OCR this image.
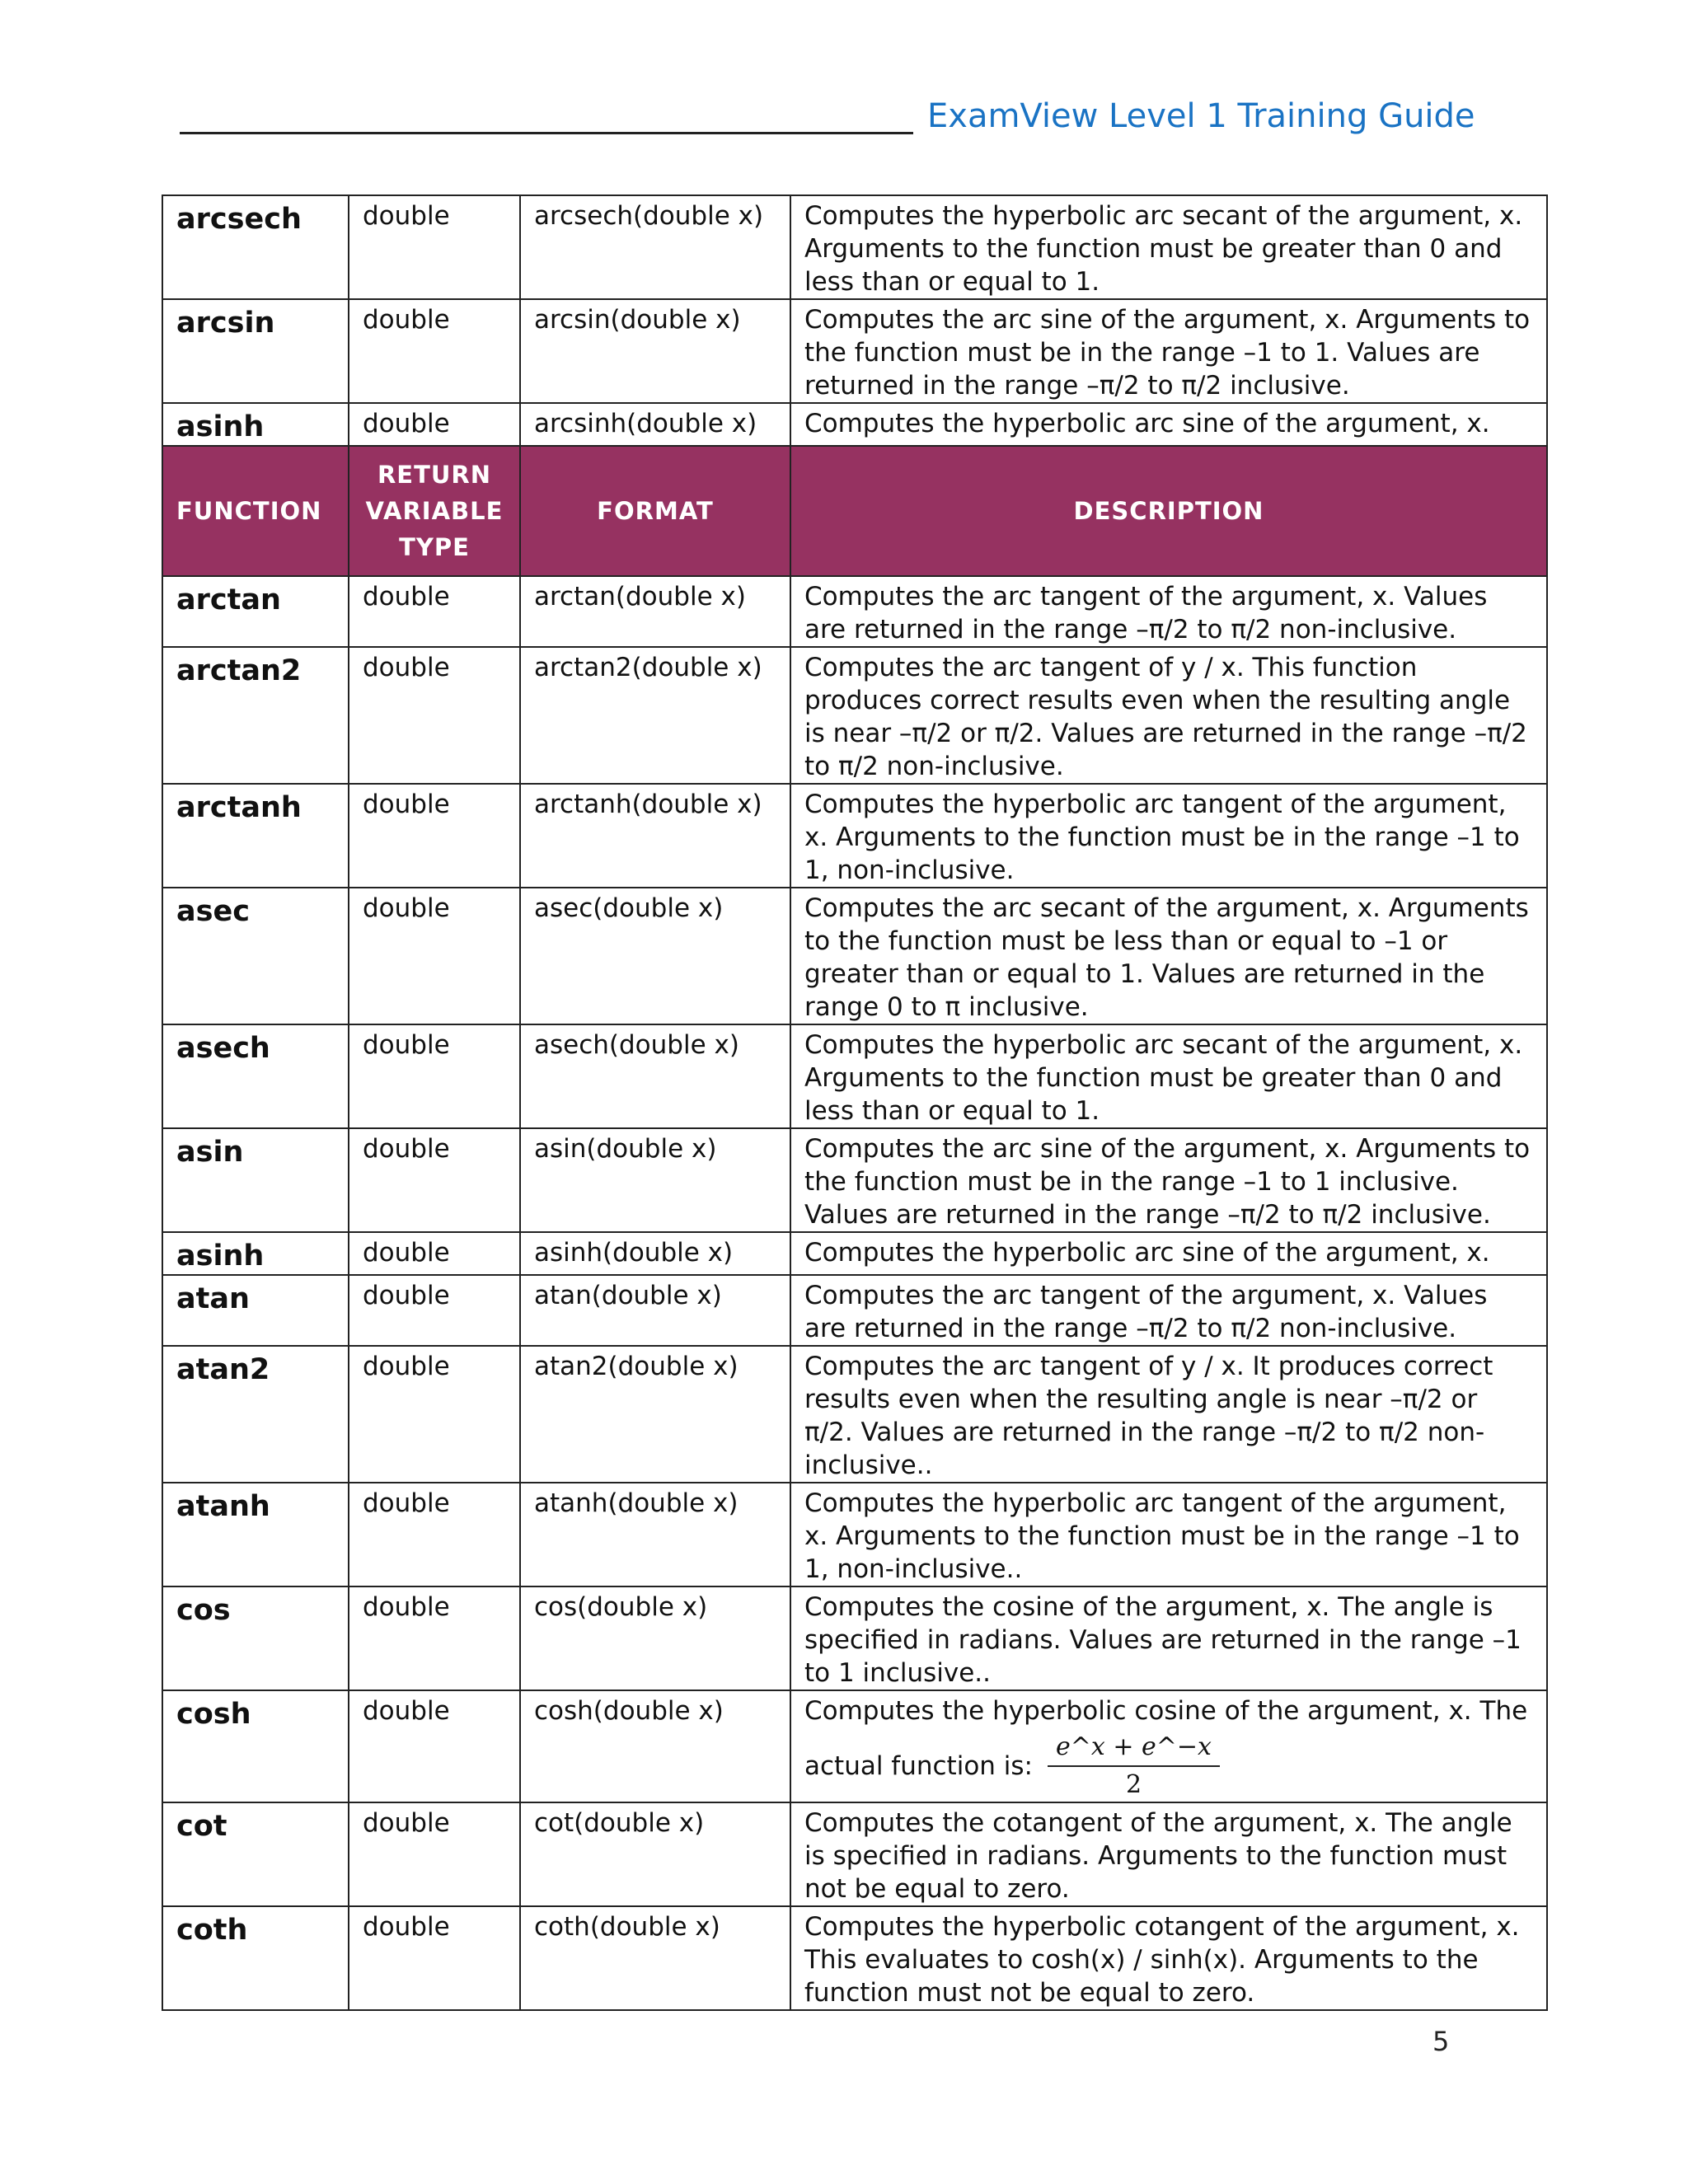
ExamView Level 1 Training Guide
arcsech	double	arcsech(double x)	Computes the hyperbolic arc secant of the argument, x. Arguments to the function must be greater than 0 and less than or equal to 1.
arcsin	double	arcsin(double x)	Computes the arc sine of the argument, x. Arguments to the function must be in the range –1 to 1. Values are returned in the range –π/2 to π/2 inclusive.
asinh	double	arcsinh(double x)	Computes the hyperbolic arc sine of the argument, x.
FUNCTION	RETURN VARIABLE TYPE	FORMAT	DESCRIPTION
arctan	double	arctan(double x)	Computes the arc tangent of the argument, x. Values are returned in the range –π/2 to π/2 non-inclusive.
arctan2	double	arctan2(double x)	Computes the arc tangent of y / x. This function produces correct results even when the resulting angle is near –π/2 or π/2. Values are returned in the range –π/2 to π/2 non-inclusive.
arctanh	double	arctanh(double x)	Computes the hyperbolic arc tangent of the argument, x. Arguments to the function must be in the range –1 to 1, non-inclusive.
asec	double	asec(double x)	Computes the arc secant of the argument, x. Arguments to the function must be less than or equal to –1 or greater than or equal to 1. Values are returned in the range 0 to π inclusive.
asech	double	asech(double x)	Computes the hyperbolic arc secant of the argument, x. Arguments to the function must be greater than 0 and less than or equal to 1.
asin	double	asin(double x)	Computes the arc sine of the argument, x. Arguments to the function must be in the range –1 to 1 inclusive. Values are returned in the range –π/2 to π/2 inclusive.
asinh	double	asinh(double x)	Computes the hyperbolic arc sine of the argument, x.
atan	double	atan(double x)	Computes the arc tangent of the argument, x. Values are returned in the range –π/2 to π/2 non-inclusive.
atan2	double	atan2(double x)	Computes the arc tangent of y / x. It produces correct results even when the resulting angle is near –π/2 or π/2. Values are returned in the range –π/2 to π/2 non-inclusive..
atanh	double	atanh(double x)	Computes the hyperbolic arc tangent of the argument, x. Arguments to the function must be in the range –1 to 1, non-inclusive..
cos	double	cos(double x)	Computes the cosine of the argument, x. The angle is specified in radians. Values are returned in the range –1 to 1 inclusive..
cosh	double	cosh(double x)	Computes the hyperbolic cosine of the argument, x. The
actual function is: $\frac{e\^{}x + e\^{}-x}{2}$

cot	double	cot(double x)	Computes the cotangent of the argument, x. The angle is specified in radians. Arguments to the function must not be equal to zero.
coth	double	coth(double x)	Computes the hyperbolic cotangent of the argument, x. This evaluates to cosh(x) / sinh(x). Arguments to the function must not be equal to zero.
5
